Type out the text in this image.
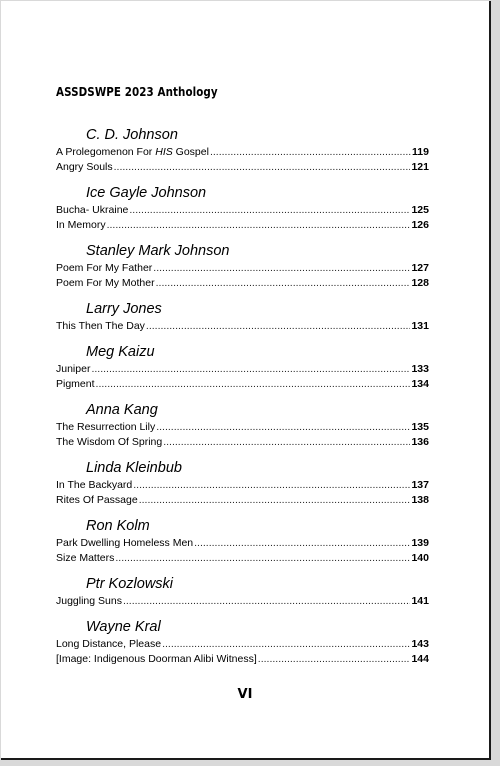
ASSDSWPE 2023 Anthology
C. D. Johnson
A Prolegomenon For HIS Gospel .....	119
Angry Souls .....	121
Ice Gayle Johnson
Bucha- Ukraine .....	125
In Memory .....	126
Stanley Mark Johnson
Poem For My Father .....	127
Poem For My Mother .....	128
Larry Jones
This Then The Day .....	131
Meg Kaizu
Juniper .....	133
Pigment .....	134
Anna Kang
The Resurrection Lily .....	135
The Wisdom Of Spring .....	136
Linda Kleinbub
In The Backyard .....	137
Rites Of Passage .....	138
Ron Kolm
Park Dwelling Homeless Men .....	139
Size Matters .....	140
Ptr Kozlowski
Juggling Suns .....	141
Wayne Kral
Long Distance, Please .....	143
[Image: Indigenous Doorman Alibi Witness] .....	144
VI
